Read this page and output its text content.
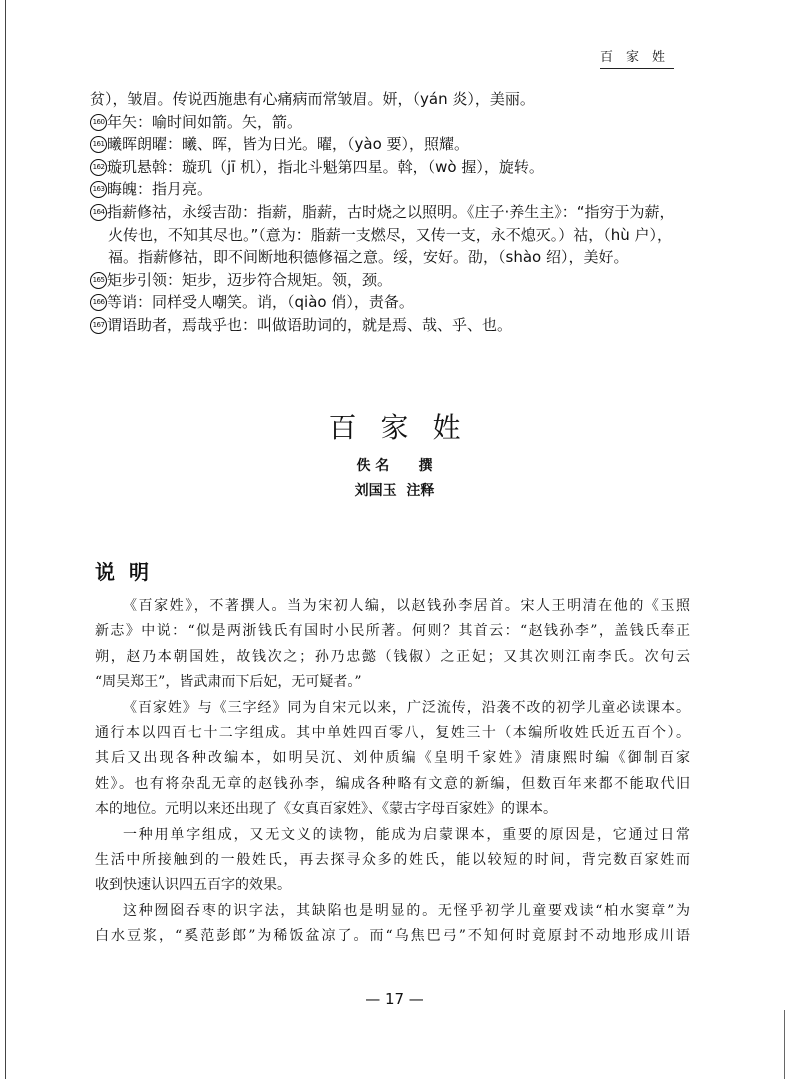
百家姓
贫），皱眉。传说西施患有心痛病而常皱眉。妍，（yán 炎），美丽。
160 年矢：喻时间如箭。矢，箭。
161 曦晖朗曜：曦、晖，皆为日光。曜，（yào 要），照耀。
162 璇玑悬斡：璇玑（jī 机），指北斗魁第四星。斡，（wò 握），旋转。
163 晦魄：指月亮。
164 指薪修祜，永绥吉劭：指薪，脂薪，古时烧之以照明。《庄子·养生主》：“指穷于为薪，
火传也，不知其尽也。”（意为：脂薪一支燃尽，又传一支，永不熄灭。）祜，（hù 户），
福。指薪修祜，即不间断地积德修福之意。绥，安好。劭，（shào 绍），美好。
165 矩步引领：矩步，迈步符合规矩。领，颈。
166 等诮：同样受人嘲笑。诮，（qiào 俏），责备。
167 谓语助者，焉哉乎也：叫做语助词的，就是焉、哉、乎、也。
百家姓
佚 名      撰
刘国玉  注释
说明
《百家姓》，不著撰人。当为宋初人编，以赵钱孙李居首。宋人王明清在他的《玉照
新志》中说：“似是两浙钱氏有国时小民所著。何则？其首云：“赵钱孙李”，盖钱氏奉正
朔，赵乃本朝国姓，故钱次之；孙乃忠懿（钱俶）之正妃；又其次则江南李氏。次句云
“周吴郑王”，皆武肃而下后妃，无可疑者。”
《百家姓》与《三字经》同为自宋元以来，广泛流传，沿袭不改的初学儿童必读课本。
通行本以四百七十二字组成。其中单姓四百零八，复姓三十（本编所收姓氏近五百个）。
其后又出现各种改编本，如明吴沉、刘仲质编《皇明千家姓》清康熙时编《御制百家
姓》。也有将杂乱无章的赵钱孙李，编成各种略有文意的新编，但数百年来都不能取代旧
本的地位。元明以来还出现了《女真百家姓》、《蒙古字母百家姓》的课本。
一种用单字组成，又无文义的读物，能成为启蒙课本，重要的原因是，它通过日常
生活中所接触到的一般姓氏，再去探寻众多的姓氏，能以较短的时间，背完数百家姓而
收到快速认识四五百字的效果。
这种囫囵吞枣的识字法，其缺陷也是明显的。无怪乎初学儿童要戏读“柏水窦章”为
白水豆浆，“奚范彭郎”为稀饭盆凉了。而“乌焦巴弓”不知何时竟原封不动地形成川语
— 17 —
